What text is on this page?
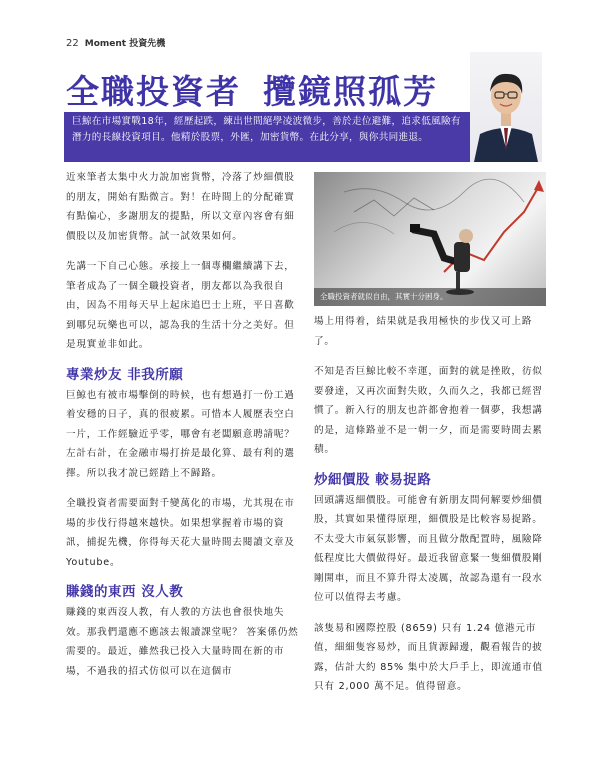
22 Moment 投資先機
全職投資者 攬鏡照孤芳
巨鯨在市場實戰18年，經歷起跌，練出世間絕學凌波微步，善於走位避難，追求低風險有潛力的長線投資項目。他精於股票，外匯，加密貨幣。在此分享，與你共同進退。
全職投資者就似自由，其實十分困身。

近來筆者太集中火力說加密貨幣，冷落了炒細價股的朋友，開始有點微言。對！在時間上的分配確實有點偏心，多謝朋友的提點，所以文章內容會有細價股以及加密貨幣。試一試效果如何。

先講一下自己心態。承接上一個專欄繼續講下去，筆者成為了一個全職投資者，朋友都以為我很自由，因為不用每天早上起床追巴士上班，平日喜歡到哪兒玩樂也可以，認為我的生活十分之美好。但是現實並非如此。

專業炒友 非我所願

巨鯨也有被市場擊倒的時候，也有想過打一份工過着安穩的日子，真的很疲累。可惜本人履歷表空白一片，工作經驗近乎零，哪會有老闆願意聘請呢？ 左計右計，在金融市場打拚是最化算、最有利的選擇。所以我才說已經踏上不歸路。

全職投資者需要面對千變萬化的市場，尤其現在市場的步伐行得越來越快。如果想掌握着市場的資訊，捕捉先機，你得每天花大量時間去閱讀文章及 Youtube。

賺錢的東西 沒人教

賺錢的東西沒人教，有人教的方法也會很快地失效。那我們還應不應該去報讀課堂呢？ 答案係仍然需要的。最近，雖然我已投入大量時間在新的市場，不過我的招式仿似可以在這個市

場上用得着，結果就是我用極快的步伐又可上路了。

不知是否巨鯨比較不幸運，面對的就是挫敗，彷似要發達，又再次面對失敗，久而久之，我都已經習慣了。新入行的朋友也許都會抱着一個夢，我想講的是，這條路並不是一朝一夕，而是需要時間去累積。

炒細價股 較易捉路

回頭講返細價股。可能會有新朋友問何解要炒細價股，其實如果懂得原理，細價股是比較容易捉路。不太受大市氣氛影響，而且做分散配置時，風險降低程度比大價做得好。最近我留意緊一隻細價股剛剛開車，而且不算升得太凌厲，故認為還有一段水位可以值得去考慮。

該隻易和國際控股 (8659) 只有 1.24 億港元市值，細細隻容易炒，而且貨源歸邊，觀看報告的披露，估計大約 85% 集中於大戶手上，即流通市值只有 2,000 萬不足。值得留意。
